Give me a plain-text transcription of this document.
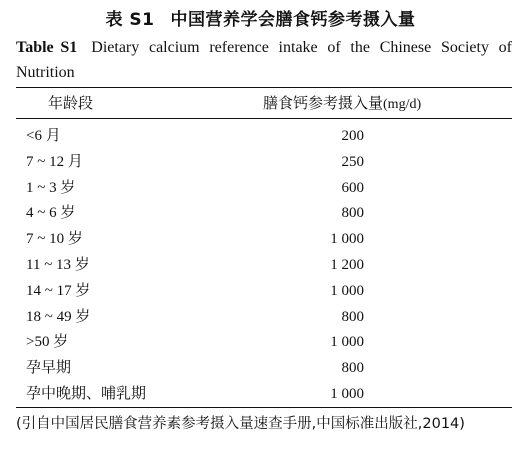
表 S1 中国营养学会膳食钙参考摄入量
Table S1 Dietary calcium reference intake of the Chinese Society of Nutrition
年龄段	膳食钙参考摄入量(mg/d)
<6 月	200
7 ~ 12 月	250
1 ~ 3 岁	600
4 ~ 6 岁	800
7 ~ 10 岁	1 000
11 ~ 13 岁	1 200
14 ~ 17 岁	1 000
18 ~ 49 岁	800
>50 岁	1 000
孕早期	800
孕中晚期、哺乳期	1 000
(引自中国居民膳食营养素参考摄入量速查手册,中国标准出版社,2014)
